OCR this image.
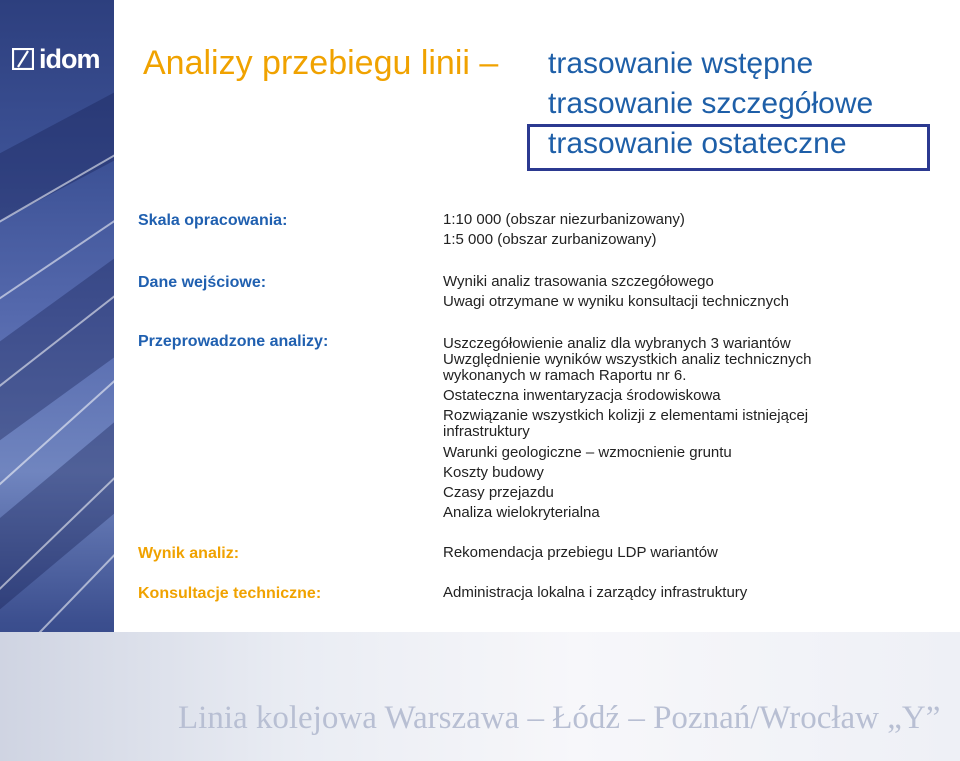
idom
Linia kolejowa Warszawa – Łódź – Poznań/Wrocław „Y”
Analizy przebiegu linii – trasowanie wstępne
trasowanie szczegółowe
trasowanie ostateczne
Skala opracowania:	1:10 000 (obszar niezurbanizowany)
1:5 000 (obszar zurbanizowany)
Dane wejściowe:	Wyniki analiz trasowania szczegółowego
Uwagi otrzymane w wyniku konsultacji technicznych
Przeprowadzone analizy:	Uszczegółowienie analiz dla wybranych 3 wariantów
Uwzględnienie wyników wszystkich analiz technicznych
wykonanych w ramach Raportu nr 6.
Ostateczna inwentaryzacja środowiskowa
Rozwiązanie wszystkich kolizji z elementami istniejącej
infrastruktury
Warunki geologiczne – wzmocnienie gruntu
Koszty budowy
Czasy przejazdu
Analiza wielokryterialna
Wynik analiz:	Rekomendacja przebiegu LDP wariantów
Konsultacje techniczne:	Administracja lokalna i zarządcy infrastruktury
